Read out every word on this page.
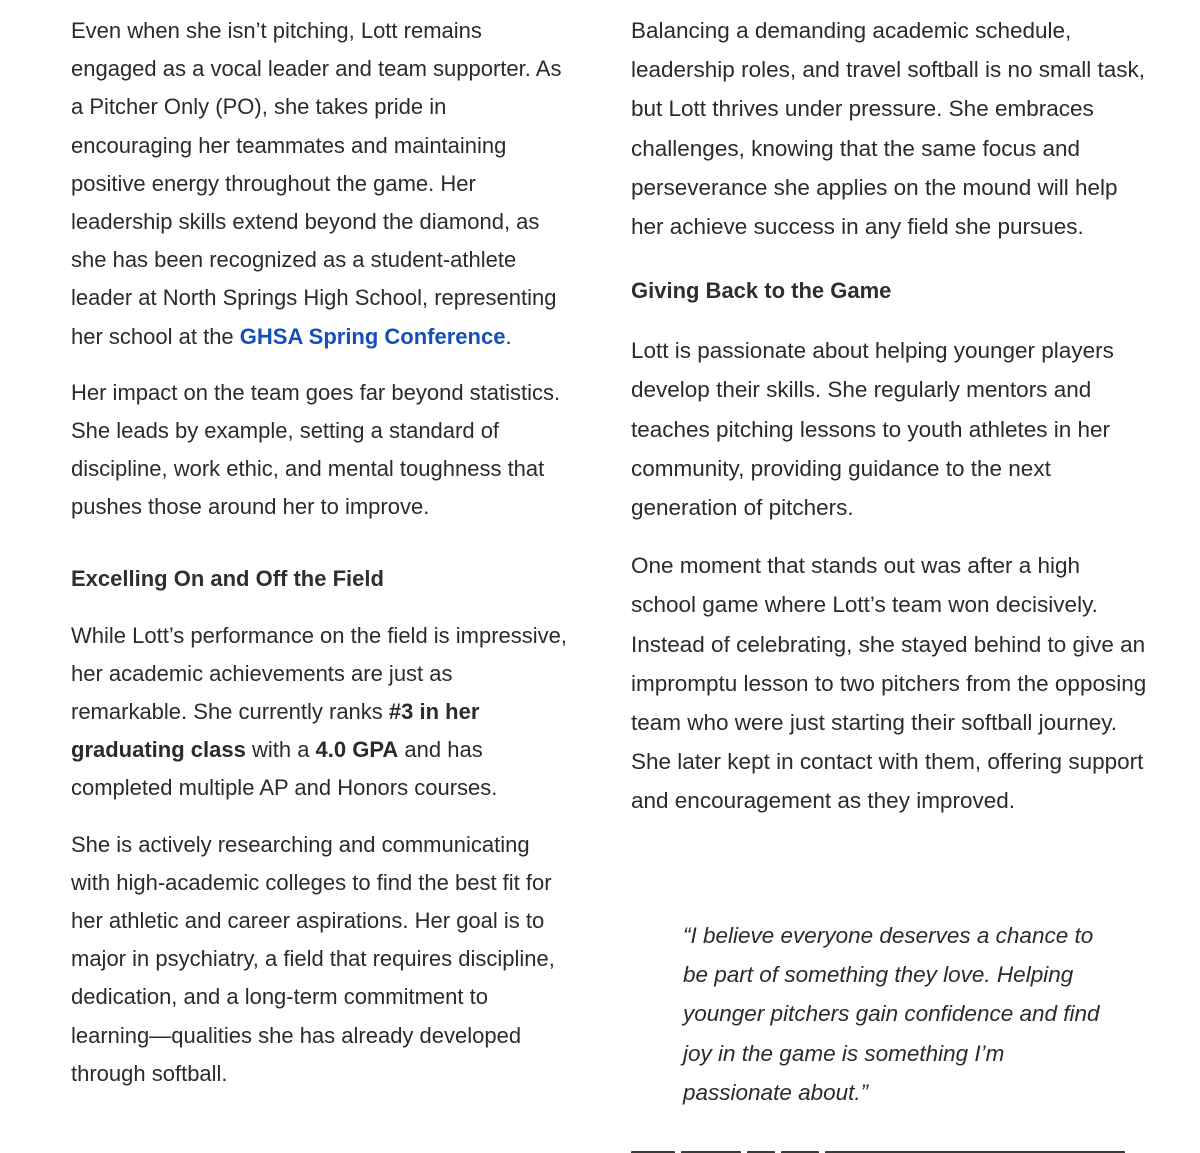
Even when she isn’t pitching, Lott remains engaged as a vocal leader and team supporter. As a Pitcher Only (PO), she takes pride in encouraging her teammates and maintaining positive energy throughout the game. Her leadership skills extend beyond the diamond, as she has been recognized as a student-athlete leader at North Springs High School, representing her school at the GHSA Spring Conference.

Her impact on the team goes far beyond statistics. She leads by example, setting a standard of discipline, work ethic, and mental toughness that pushes those around her to improve.

Excelling On and Off the Field

While Lott’s performance on the field is impressive, her academic achievements are just as remarkable. She currently ranks #3 in her graduating class with a 4.0 GPA and has completed multiple AP and Honors courses.

She is actively researching and communicating with high-academic colleges to find the best fit for her athletic and career aspirations. Her goal is to major in psychiatry, a field that requires discipline, dedication, and a long-term commitment to learning—qualities she has already developed through softball.

Balancing a demanding academic schedule, leadership roles, and travel softball is no small task, but Lott thrives under pressure. She embraces challenges, knowing that the same focus and perseverance she applies on the mound will help her achieve success in any field she pursues.

Giving Back to the Game

Lott is passionate about helping younger players develop their skills. She regularly mentors and teaches pitching lessons to youth athletes in her community, providing guidance to the next generation of pitchers.

One moment that stands out was after a high school game where Lott’s team won decisively. Instead of celebrating, she stayed behind to give an impromptu lesson to two pitchers from the opposing team who were just starting their softball journey. She later kept in contact with them, offering support and encouragement as they improved.

“I believe everyone deserves a chance to be part of something they love. Helping younger pitchers gain confidence and find joy in the game is something I’m passionate about.”
